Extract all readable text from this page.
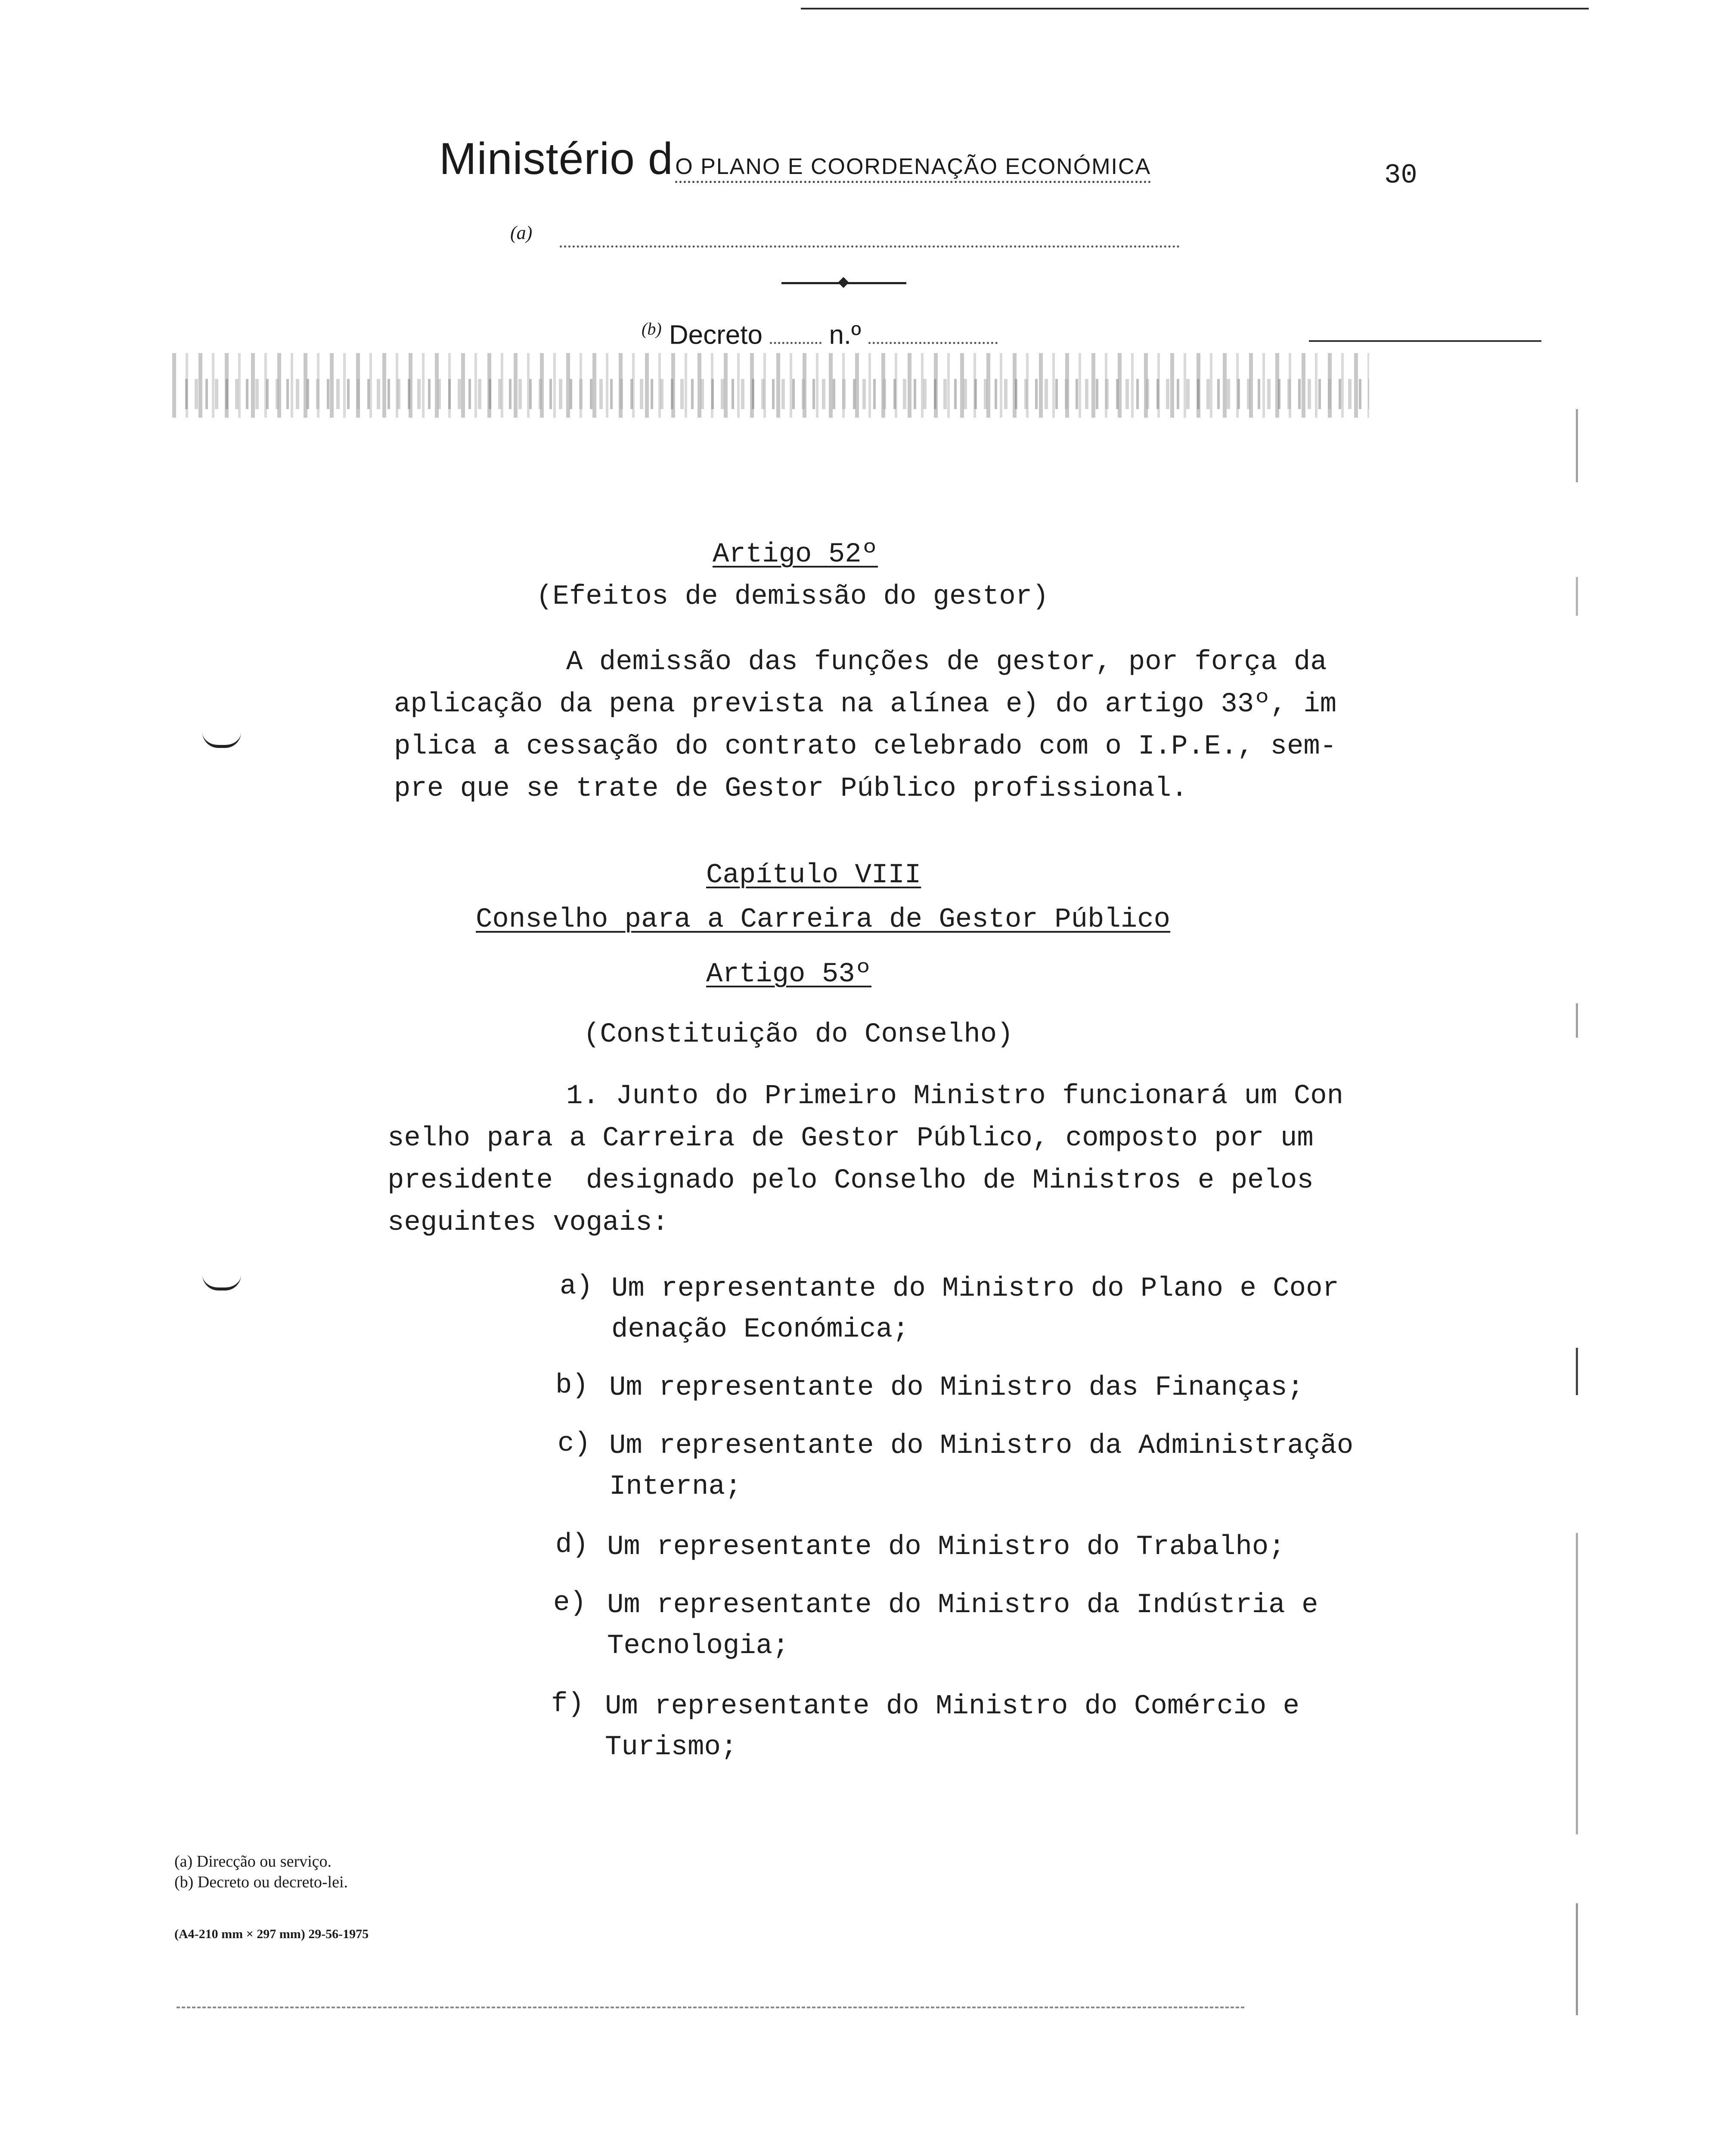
Ministério d O PLANO E COORDENAÇÃO ECONÓMICA	30
(a)
$^{(b)}$ Decreto n.º
Artigo 52º
(Efeitos de demissão do gestor)
A demissão das funções de gestor, por força da
aplicação da pena prevista na alínea e) do artigo 33º, im
plica a cessação do contrato celebrado com o I.P.E., sem-
pre que se trate de Gestor Público profissional.
Capítulo VIII
Conselho para a Carreira de Gestor Público
Artigo 53º
(Constituição do Conselho)
1. Junto do Primeiro Ministro funcionará um Con
selho para a Carreira de Gestor Público, composto por um
presidente  designado pelo Conselho de Ministros e pelos
seguintes vogais:
a) Um representante do Ministro do Plano e Coor
denação Económica;
b) Um representante do Ministro das Finanças;
c) Um representante do Ministro da Administração
Interna;
d) Um representante do Ministro do Trabalho;
e) Um representante do Ministro da Indústria e
Tecnologia;
f) Um representante do Ministro do Comércio e
Turismo;
(a) Direcção ou serviço.
(b) Decreto ou decreto-lei.
(A4-210 mm × 297 mm) 29-56-1975
